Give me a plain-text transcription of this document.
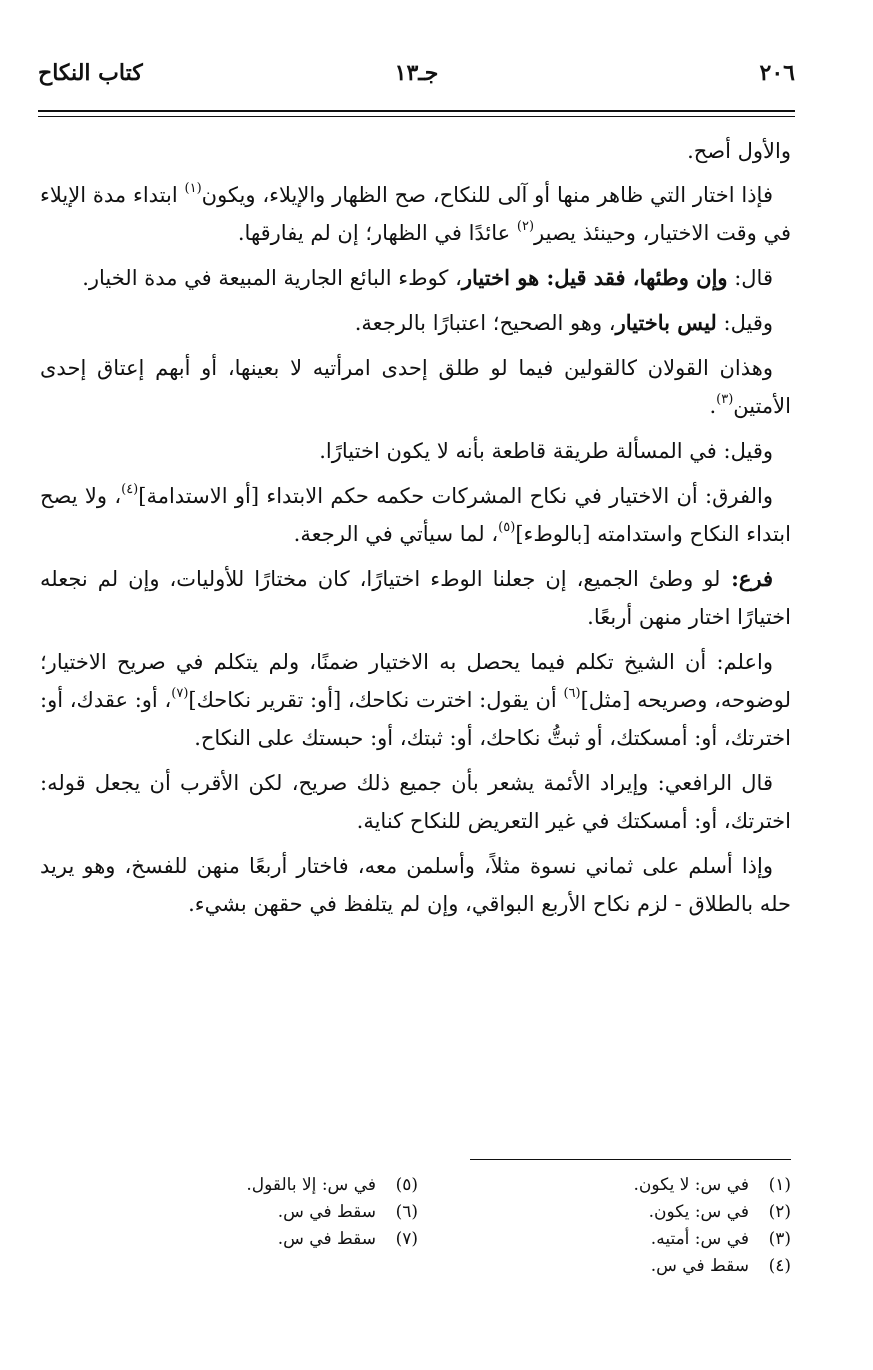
٢٠٦
جـ١٣
كتاب النكاح

والأول أصح.

فإذا اختار التي ظاهر منها أو آلى للنكاح، صح الظهار والإيلاء، ويكون$^{(١)}$ ابتداء مدة الإيلاء في وقت الاختيار، وحينئذ يصير$^{(٢)}$ عائدًا في الظهار؛ إن لم يفارقها.

قال: وإن وطئها، فقد قيل: هو اختيار، كوطء البائع الجارية المبيعة في مدة الخيار.

وقيل: ليس باختيار، وهو الصحيح؛ اعتبارًا بالرجعة.

وهذان القولان كالقولين فيما لو طلق إحدى امرأتيه لا بعينها، أو أبهم إعتاق إحدى الأمتين$^{(٣)}$.

وقيل: في المسألة طريقة قاطعة بأنه لا يكون اختيارًا.

والفرق: أن الاختيار في نكاح المشركات حكمه حكم الابتداء [أو الاستدامة]$^{(٤)}$، ولا يصح ابتداء النكاح واستدامته [بالوطء]$^{(٥)}$، لما سيأتي في الرجعة.

فرع: لو وطئ الجميع، إن جعلنا الوطء اختيارًا، كان مختارًا للأوليات، وإن لم نجعله اختيارًا اختار منهن أربعًا.

واعلم: أن الشيخ تكلم فيما يحصل به الاختيار ضمنًا، ولم يتكلم في صريح الاختيار؛ لوضوحه، وصريحه [مثل]$^{(٦)}$ أن يقول: اخترت نكاحك، [أو: تقرير نكاحك]$^{(٧)}$، أو: عقدك، أو: اخترتك، أو: أمسكتك، أو ثبتُّ نكاحك، أو: ثبتك، أو: حبستك على النكاح.

قال الرافعي: وإيراد الأئمة يشعر بأن جميع ذلك صريح، لكن الأقرب أن يجعل قوله: اخترتك، أو: أمسكتك في غير التعريض للنكاح كناية.

وإذا أسلم على ثماني نسوة مثلاً، وأسلمن معه، فاختار أربعًا منهن للفسخ، وهو يريد حله بالطلاق - لزم نكاح الأربع البواقي، وإن لم يتلفظ في حقهن بشيء.

(١)في س: لا يكون.
(٢)في س: يكون.
(٣)في س: أمتيه.
(٤)سقط في س.
(٥)في س: إلا بالقول.
(٦)سقط في س.
(٧)سقط في س.
